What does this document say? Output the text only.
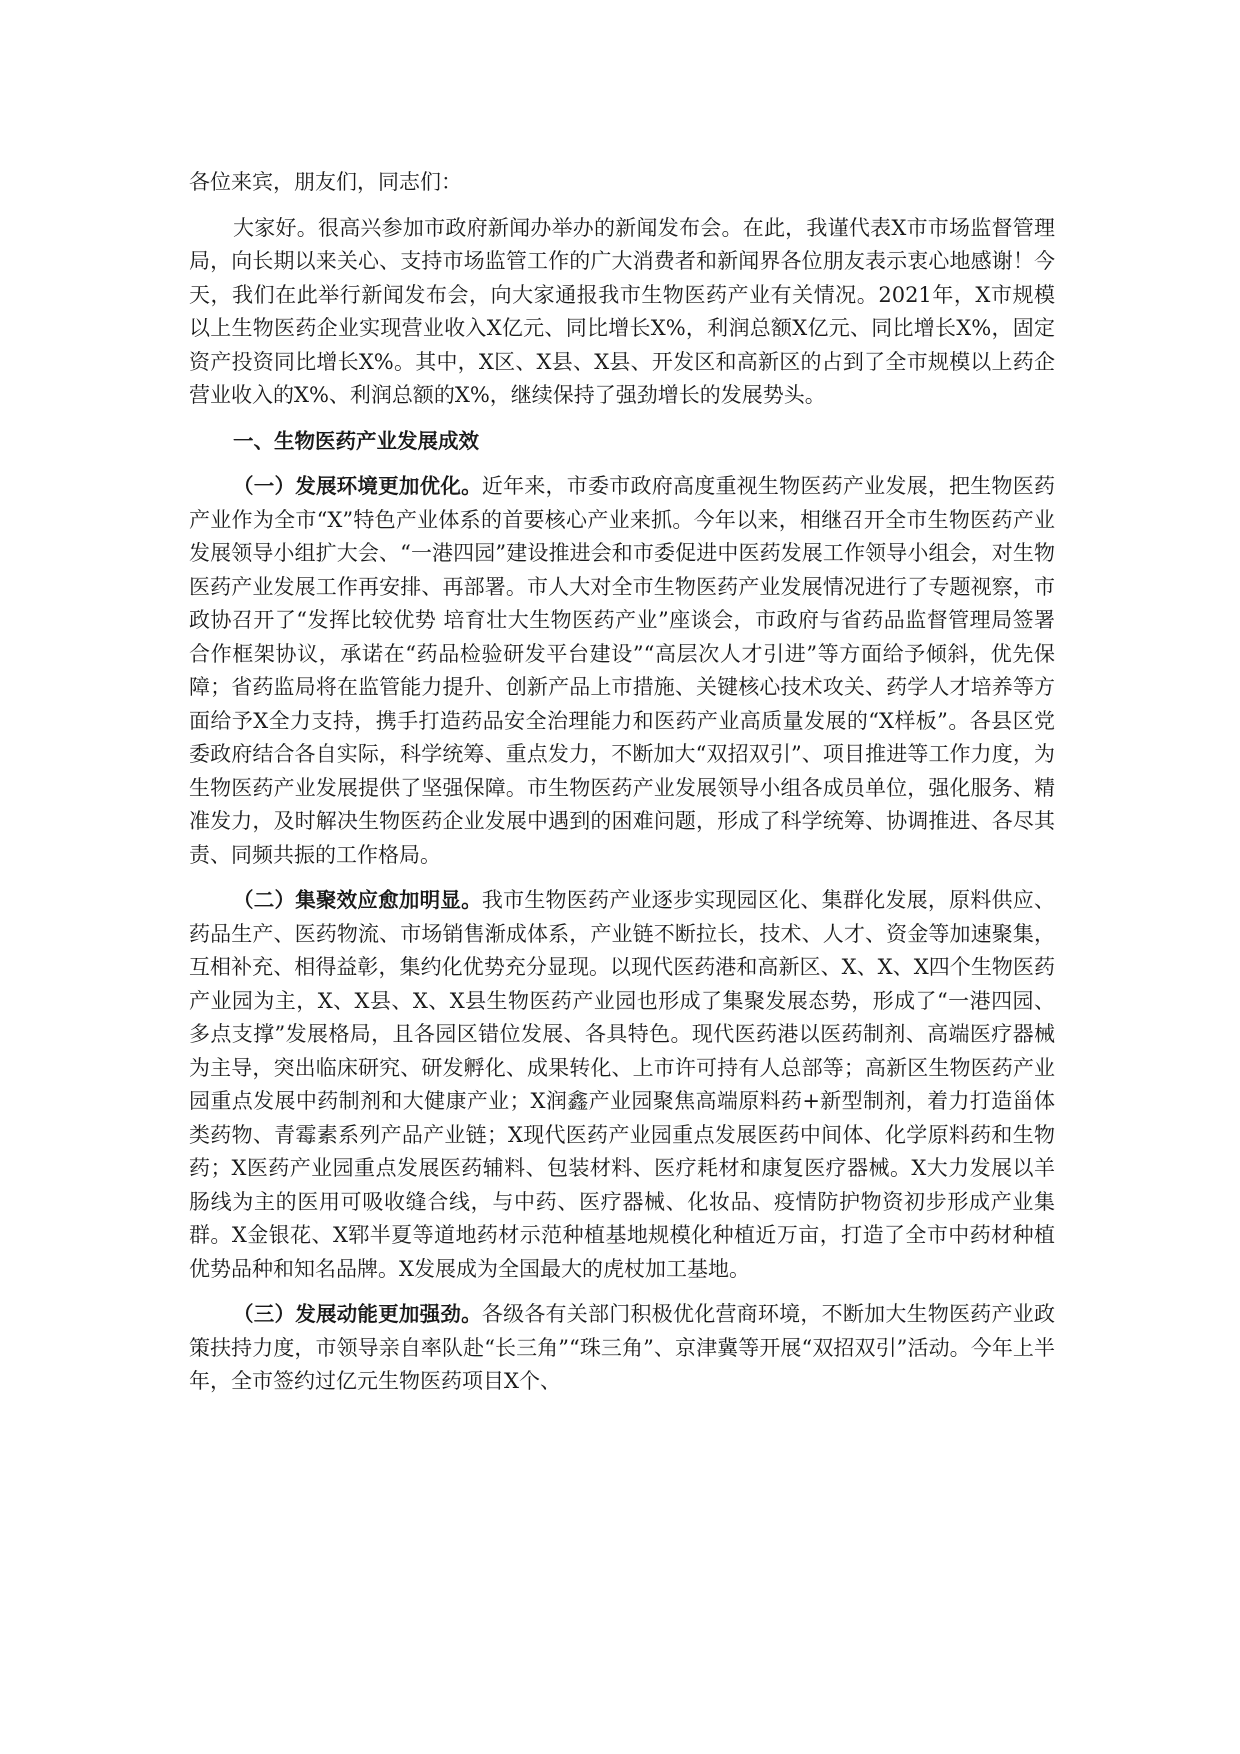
各位来宾，朋友们，同志们：

大家好。很高兴参加市政府新闻办举办的新闻发布会。在此，我谨代表X市市场监督管理局，向长期以来关心、支持市场监管工作的广大消费者和新闻界各位朋友表示衷心地感谢！今天，我们在此举行新闻发布会，向大家通报我市生物医药产业有关情况。2021年，X市规模以上生物医药企业实现营业收入X亿元、同比增长X%，利润总额X亿元、同比增长X%，固定资产投资同比增长X%。其中，X区、X县、X县、开发区和高新区的占到了全市规模以上药企营业收入的X%、利润总额的X%，继续保持了强劲增长的发展势头。

一、生物医药产业发展成效

（一）发展环境更加优化。近年来，市委市政府高度重视生物医药产业发展，把生物医药产业作为全市“X”特色产业体系的首要核心产业来抓。今年以来，相继召开全市生物医药产业发展领导小组扩大会、“一港四园”建设推进会和市委促进中医药发展工作领导小组会，对生物医药产业发展工作再安排、再部署。市人大对全市生物医药产业发展情况进行了专题视察，市政协召开了“发挥比较优势 培育壮大生物医药产业”座谈会，市政府与省药品监督管理局签署合作框架协议，承诺在“药品检验研发平台建设”“高层次人才引进”等方面给予倾斜，优先保障；省药监局将在监管能力提升、创新产品上市措施、关键核心技术攻关、药学人才培养等方面给予X全力支持，携手打造药品安全治理能力和医药产业高质量发展的“X样板”。各县区党委政府结合各自实际，科学统筹、重点发力，不断加大“双招双引”、项目推进等工作力度，为生物医药产业发展提供了坚强保障。市生物医药产业发展领导小组各成员单位，强化服务、精准发力，及时解决生物医药企业发展中遇到的困难问题，形成了科学统筹、协调推进、各尽其责、同频共振的工作格局。

（二）集聚效应愈加明显。我市生物医药产业逐步实现园区化、集群化发展，原料供应、药品生产、医药物流、市场销售渐成体系，产业链不断拉长，技术、人才、资金等加速聚集，互相补充、相得益彰，集约化优势充分显现。以现代医药港和高新区、X、X、X四个生物医药产业园为主，X、X县、X、X县生物医药产业园也形成了集聚发展态势，形成了“一港四园、多点支撑”发展格局，且各园区错位发展、各具特色。现代医药港以医药制剂、高端医疗器械为主导，突出临床研究、研发孵化、成果转化、上市许可持有人总部等；高新区生物医药产业园重点发展中药制剂和大健康产业；X润鑫产业园聚焦高端原料药+新型制剂，着力打造甾体类药物、青霉素系列产品产业链；X现代医药产业园重点发展医药中间体、化学原料药和生物药；X医药产业园重点发展医药辅料、包装材料、医疗耗材和康复医疗器械。X大力发展以羊肠线为主的医用可吸收缝合线，与中药、医疗器械、化妆品、疫情防护物资初步形成产业集群。X金银花、X郓半夏等道地药材示范种植基地规模化种植近万亩，打造了全市中药材种植优势品种和知名品牌。X发展成为全国最大的虎杖加工基地。

（三）发展动能更加强劲。各级各有关部门积极优化营商环境，不断加大生物医药产业政策扶持力度，市领导亲自率队赴“长三角”“珠三角”、京津冀等开展“双招双引”活动。今年上半年，全市签约过亿元生物医药项目X个、
